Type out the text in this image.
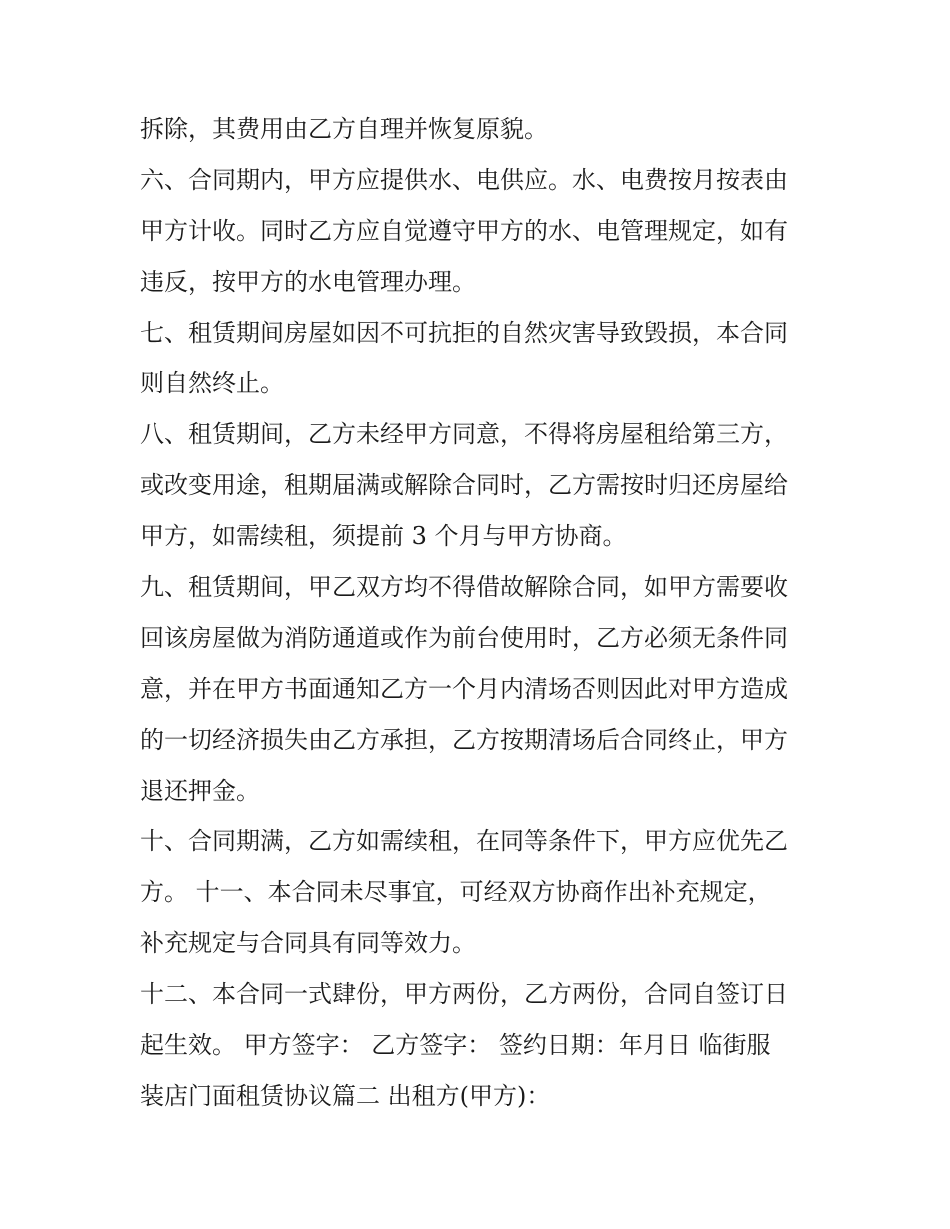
拆除，其费用由乙方自理并恢复原貌。
六、合同期内，甲方应提供水、电供应。水、电费按月按表由
甲方计收。同时乙方应自觉遵守甲方的水、电管理规定，如有
违反，按甲方的水电管理办理。
七、租赁期间房屋如因不可抗拒的自然灾害导致毁损，本合同
则自然终止。
八、租赁期间，乙方未经甲方同意，不得将房屋租给第三方，
或改变用途，租期届满或解除合同时，乙方需按时归还房屋给
甲方，如需续租，须提前 3 个月与甲方协商。
九、租赁期间，甲乙双方均不得借故解除合同，如甲方需要收
回该房屋做为消防通道或作为前台使用时，乙方必须无条件同
意，并在甲方书面通知乙方一个月内清场否则因此对甲方造成
的一切经济损失由乙方承担，乙方按期清场后合同终止，甲方
退还押金。
十、合同期满，乙方如需续租，在同等条件下，甲方应优先乙
方。 十一、本合同未尽事宜，可经双方协商作出补充规定，
补充规定与合同具有同等效力。
十二、本合同一式肆份，甲方两份，乙方两份，合同自签订日
起生效。 甲方签字： 乙方签字： 签约日期：年月日 临街服
装店门面租赁协议篇二 出租方(甲方)：
